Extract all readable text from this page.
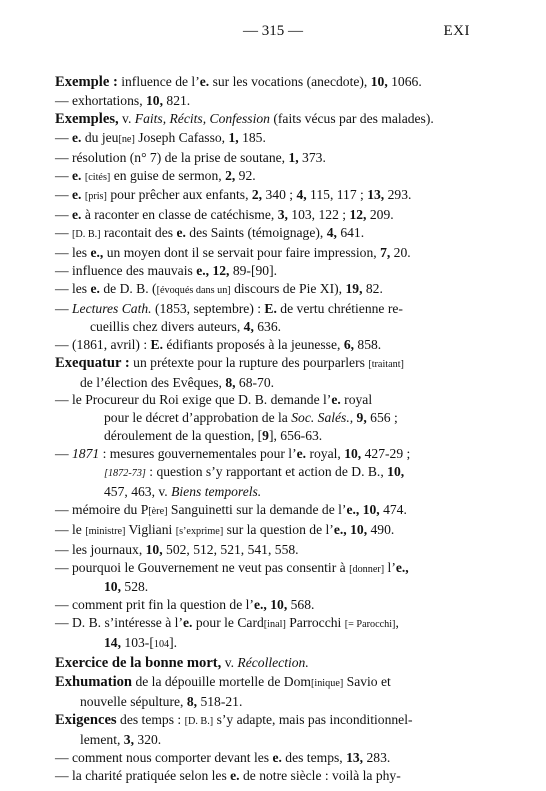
— 315 —	EXI
Exemple : influence de l’e. sur les vocations (anecdote), 10, 1066.
— exhortations, 10, 821.
Exemples, v. Faits, Récits, Confession (faits vécus par des malades).
— e. du jeu[ne] Joseph Cafasso, 1, 185.
— résolution (n° 7) de la prise de soutane, 1, 373.
— e. [cités] en guise de sermon, 2, 92.
— e. [pris] pour prêcher aux enfants, 2, 340 ; 4, 115, 117 ; 13, 293.
— e. à raconter en classe de catéchisme, 3, 103, 122 ; 12, 209.
— [D. B.] racontait des e. des Saints (témoignage), 4, 641.
— les e., un moyen dont il se servait pour faire impression, 7, 20.
— influence des mauvais e., 12, 89-[90].
— les e. de D. B. ([évoqués dans un] discours de Pie XI), 19, 82.
— Lectures Cath. (1853, septembre) : E. de vertu chrétienne re-
cueillis chez divers auteurs, 4, 636.
— (1861, avril) : E. édifiants proposés à la jeunesse, 6, 858.
Exequatur : un prétexte pour la rupture des pourparlers [traitant]
de l’élection des Evêques, 8, 68-70.
— le Procureur du Roi exige que D. B. demande l’e. royal
pour le décret d’approbation de la Soc. Salés., 9, 656 ;
déroulement de la question, [9], 656-63.
— 1871 : mesures gouvernementales pour l’e. royal, 10, 427-29 ;
[1872-73] : question s’y rapportant et action de D. B., 10,
457, 463, v. Biens temporels.
— mémoire du P[ère] Sanguinetti sur la demande de l’e., 10, 474.
— le [ministre] Vigliani [s’exprime] sur la question de l’e., 10, 490.
— les journaux, 10, 502, 512, 521, 541, 558.
— pourquoi le Gouvernement ne veut pas consentir à [donner] l’e.,
10, 528.
— comment prit fin la question de l’e., 10, 568.
— D. B. s’intéresse à l’e. pour le Card[inal] Parrocchi [= Parocchi],
14, 103-[104].
Exercice de la bonne mort, v. Récollection.
Exhumation de la dépouille mortelle de Dom[inique] Savio et
nouvelle sépulture, 8, 518-21.
Exigences des temps : [D. B.] s’y adapte, mais pas inconditionnel-
lement, 3, 320.
— comment nous comporter devant les e. des temps, 13, 283.
— la charité pratiquée selon les e. de notre siècle : voilà la phy-
